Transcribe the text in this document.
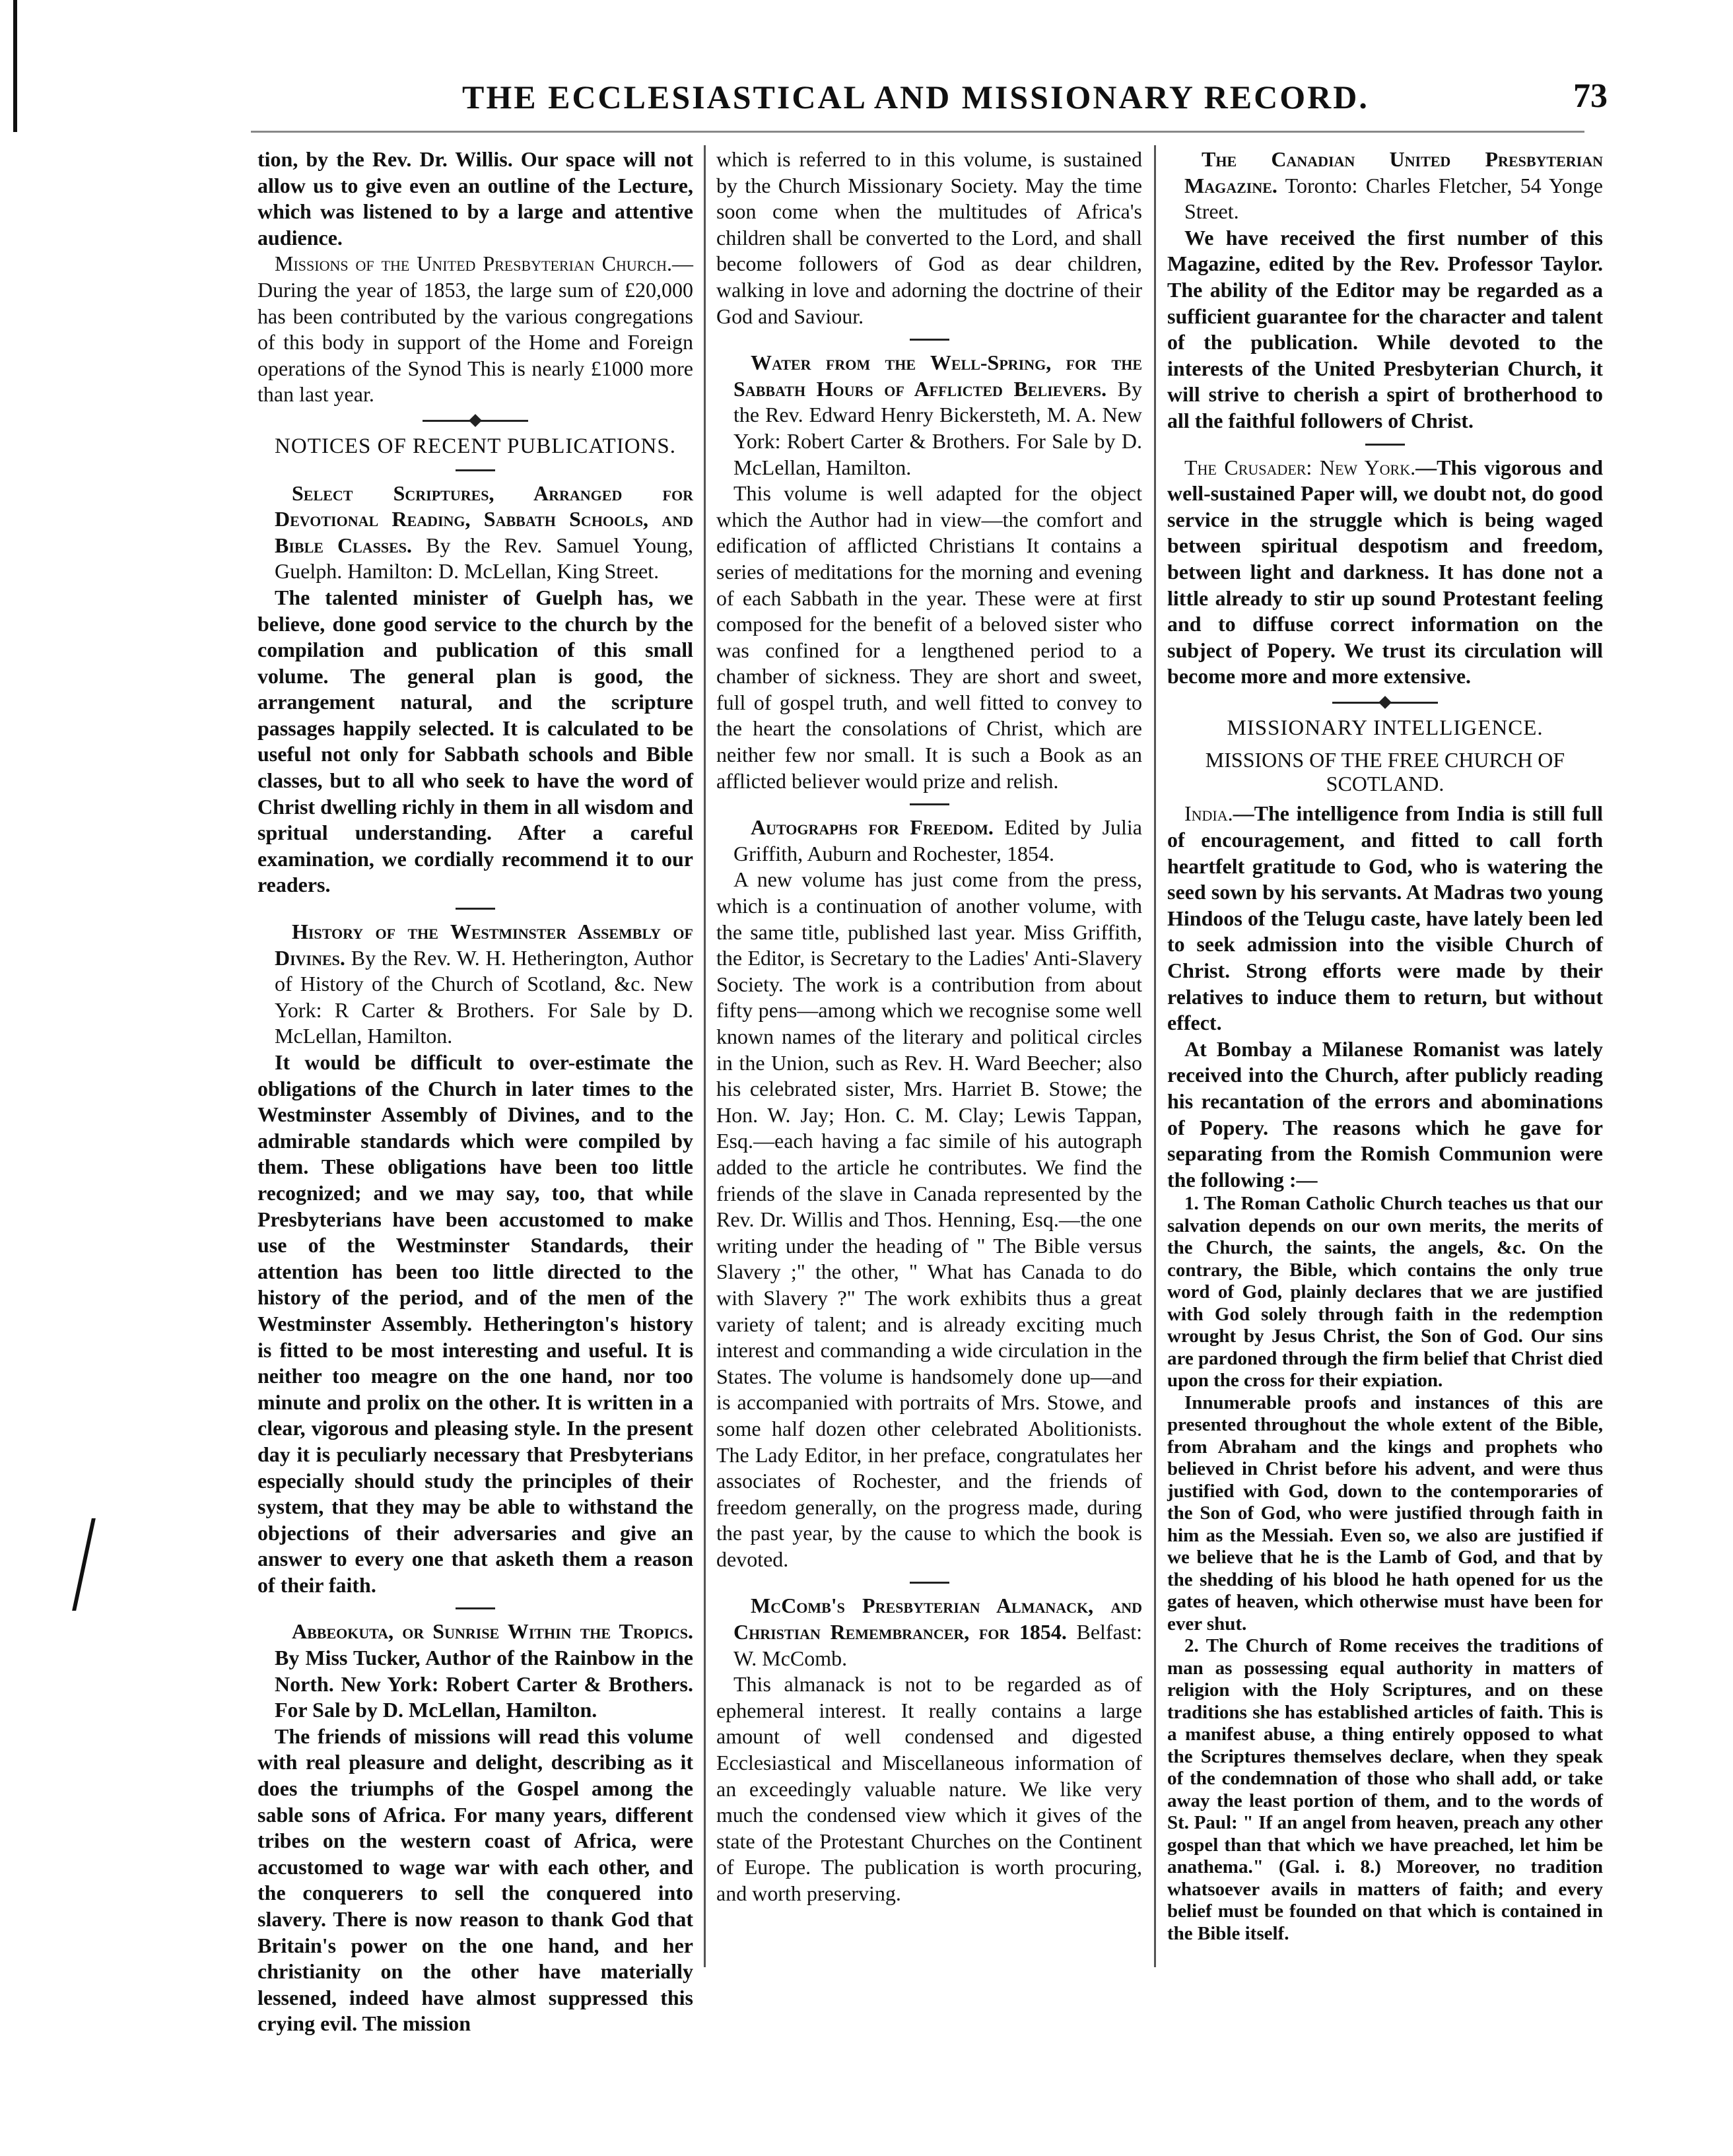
THE ECCLESIASTICAL AND MISSIONARY RECORD.	73

tion, by the Rev. Dr. Willis. Our space will not allow us to give even an outline of the Lecture, which was listened to by a large and attentive audience.

Missions of the United Presbyterian Church.—During the year of 1853, the large sum of £20,000 has been contributed by the various congregations of this body in support of the Home and Foreign operations of the Synod This is nearly £1000 more than last year.

NOTICES OF RECENT PUBLICATIONS.

Select Scriptures, Arranged for Devotional Reading, Sabbath Schools, and Bible Classes. By the Rev. Samuel Young, Guelph. Hamilton: D. McLellan, King Street.

The talented minister of Guelph has, we believe, done good service to the church by the compilation and publication of this small volume. The general plan is good, the arrangement natural, and the scripture passages happily selected. It is calculated to be useful not only for Sabbath schools and Bible classes, but to all who seek to have the word of Christ dwelling richly in them in all wisdom and spritual understanding. After a careful examination, we cordially recommend it to our readers.

History of the Westminster Assembly of Divines. By the Rev. W. H. Hetherington, Author of History of the Church of Scotland, &c. New York: R Carter & Brothers. For Sale by D. McLellan, Hamilton.

It would be difficult to over-estimate the obligations of the Church in later times to the Westminster Assembly of Divines, and to the admirable standards which were compiled by them. These obligations have been too little recognized; and we may say, too, that while Presbyterians have been accustomed to make use of the Westminster Standards, their attention has been too little directed to the history of the period, and of the men of the Westminster Assembly. Hetherington's history is fitted to be most interesting and useful. It is neither too meagre on the one hand, nor too minute and prolix on the other. It is written in a clear, vigorous and pleasing style. In the present day it is peculiarly necessary that Presbyterians especially should study the principles of their system, that they may be able to withstand the objections of their adversaries and give an answer to every one that asketh them a reason of their faith.

Abbeokuta, or Sunrise Within the Tropics. By Miss Tucker, Author of the Rainbow in the North. New York: Robert Carter & Brothers. For Sale by D. McLellan, Hamilton.

The friends of missions will read this volume with real pleasure and delight, describing as it does the triumphs of the Gospel among the sable sons of Africa. For many years, different tribes on the western coast of Africa, were accustomed to wage war with each other, and the conquerers to sell the conquered into slavery. There is now reason to thank God that Britain's power on the one hand, and her christianity on the other have materially lessened, indeed have almost suppressed this crying evil. The mission

which is referred to in this volume, is sustained by the Church Missionary Society. May the time soon come when the multitudes of Africa's children shall be converted to the Lord, and shall become followers of God as dear children, walking in love and adorning the doctrine of their God and Saviour.

Water from the Well-Spring, for the Sabbath Hours of Afflicted Believers. By the Rev. Edward Henry Bickersteth, M. A. New York: Robert Carter & Brothers. For Sale by D. McLellan, Hamilton.

This volume is well adapted for the object which the Author had in view—the comfort and edification of afflicted Christians It contains a series of meditations for the morning and evening of each Sabbath in the year. These were at first composed for the benefit of a beloved sister who was confined for a lengthened period to a chamber of sickness. They are short and sweet, full of gospel truth, and well fitted to convey to the heart the consolations of Christ, which are neither few nor small. It is such a Book as an afflicted believer would prize and relish.

Autographs for Freedom. Edited by Julia Griffith, Auburn and Rochester, 1854.

A new volume has just come from the press, which is a continuation of another volume, with the same title, published last year. Miss Griffith, the Editor, is Secretary to the Ladies' Anti-Slavery Society. The work is a contribution from about fifty pens—among which we recognise some well known names of the literary and political circles in the Union, such as Rev. H. Ward Beecher; also his celebrated sister, Mrs. Harriet B. Stowe; the Hon. W. Jay; Hon. C. M. Clay; Lewis Tappan, Esq.—each having a fac simile of his autograph added to the article he contributes. We find the friends of the slave in Canada represented by the Rev. Dr. Willis and Thos. Henning, Esq.—the one writing under the heading of " The Bible versus Slavery ;" the other, " What has Canada to do with Slavery ?" The work exhibits thus a great variety of talent; and is already exciting much interest and commanding a wide circulation in the States. The volume is handsomely done up—and is accompanied with portraits of Mrs. Stowe, and some half dozen other celebrated Abolitionists. The Lady Editor, in her preface, congratulates her associates of Rochester, and the friends of freedom generally, on the progress made, during the past year, by the cause to which the book is devoted.

McComb's Presbyterian Almanack, and Christian Remembrancer, for 1854. Belfast: W. McComb.

This almanack is not to be regarded as of ephemeral interest. It really contains a large amount of well condensed and digested Ecclesiastical and Miscellaneous information of an exceedingly valuable nature. We like very much the condensed view which it gives of the state of the Protestant Churches on the Continent of Europe. The publication is worth procuring, and worth preserving.

The Canadian United Presbyterian Magazine. Toronto: Charles Fletcher, 54 Yonge Street.

We have received the first number of this Magazine, edited by the Rev. Professor Taylor. The ability of the Editor may be regarded as a sufficient guarantee for the character and talent of the publication. While devoted to the interests of the United Presbyterian Church, it will strive to cherish a spirt of brotherhood to all the faithful followers of Christ.

The Crusader: New York.—This vigorous and well-sustained Paper will, we doubt not, do good service in the struggle which is being waged between spiritual despotism and freedom, between light and darkness. It has done not a little already to stir up sound Protestant feeling and to diffuse correct information on the subject of Popery. We trust its circulation will become more and more extensive.

MISSIONARY INTELLIGENCE.
MISSIONS OF THE FREE CHURCH OF SCOTLAND.

India.—The intelligence from India is still full of encouragement, and fitted to call forth heartfelt gratitude to God, who is watering the seed sown by his servants. At Madras two young Hindoos of the Telugu caste, have lately been led to seek admission into the visible Church of Christ. Strong efforts were made by their relatives to induce them to return, but without effect.

At Bombay a Milanese Romanist was lately received into the Church, after publicly reading his recantation of the errors and abominations of Popery. The reasons which he gave for separating from the Romish Communion were the following :—

1. The Roman Catholic Church teaches us that our salvation depends on our own merits, the merits of the Church, the saints, the angels, &c. On the contrary, the Bible, which contains the only true word of God, plainly declares that we are justified with God solely through faith in the redemption wrought by Jesus Christ, the Son of God. Our sins are pardoned through the firm belief that Christ died upon the cross for their expiation.

Innumerable proofs and instances of this are presented throughout the whole extent of the Bible, from Abraham and the kings and prophets who believed in Christ before his advent, and were thus justified with God, down to the contemporaries of the Son of God, who were justified through faith in him as the Messiah. Even so, we also are justified if we believe that he is the Lamb of God, and that by the shedding of his blood he hath opened for us the gates of heaven, which otherwise must have been for ever shut.

2. The Church of Rome receives the traditions of man as possessing equal authority in matters of religion with the Holy Scriptures, and on these traditions she has established articles of faith. This is a manifest abuse, a thing entirely opposed to what the Scriptures themselves declare, when they speak of the condemnation of those who shall add, or take away the least portion of them, and to the words of St. Paul: " If an angel from heaven, preach any other gospel than that which we have preached, let him be anathema." (Gal. i. 8.) Moreover, no tradition whatsoever avails in matters of faith; and every belief must be founded on that which is contained in the Bible itself.
